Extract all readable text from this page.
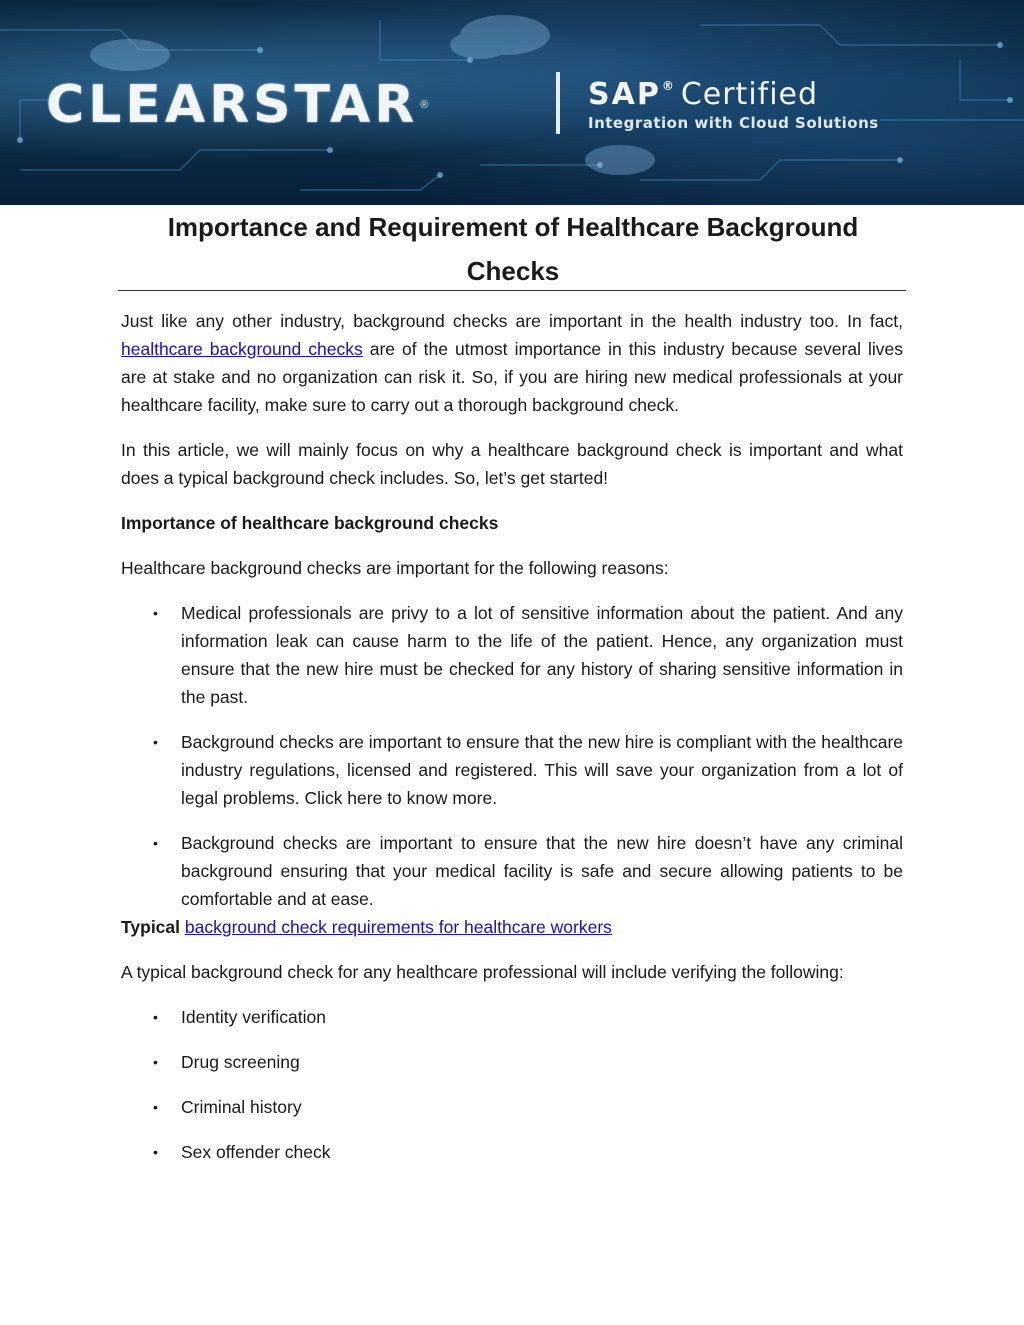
CLEARSTAR ®	SAP® Certified
Integration with Cloud Solutions
Importance and Requirement of Healthcare Background Checks

Just like any other industry, background checks are important in the health industry too. In fact, healthcare background checks are of the utmost importance in this industry because several lives are at stake and no organization can risk it. So, if you are hiring new medical professionals at your healthcare facility, make sure to carry out a thorough background check.

In this article, we will mainly focus on why a healthcare background check is important and what does a typical background check includes. So, let’s get started!

Importance of healthcare background checks

Healthcare background checks are important for the following reasons:

• Medical professionals are privy to a lot of sensitive information about the patient. And any information leak can cause harm to the life of the patient. Hence, any organization must ensure that the new hire must be checked for any history of sharing sensitive information in the past.
• Background checks are important to ensure that the new hire is compliant with the healthcare industry regulations, licensed and registered. This will save your organization from a lot of legal problems. Click here to know more.
• Background checks are important to ensure that the new hire doesn’t have any criminal background ensuring that your medical facility is safe and secure allowing patients to be comfortable and at ease.

Typical background check requirements for healthcare workers

A typical background check for any healthcare professional will include verifying the following:

• Identity verification
• Drug screening
• Criminal history
• Sex offender check
